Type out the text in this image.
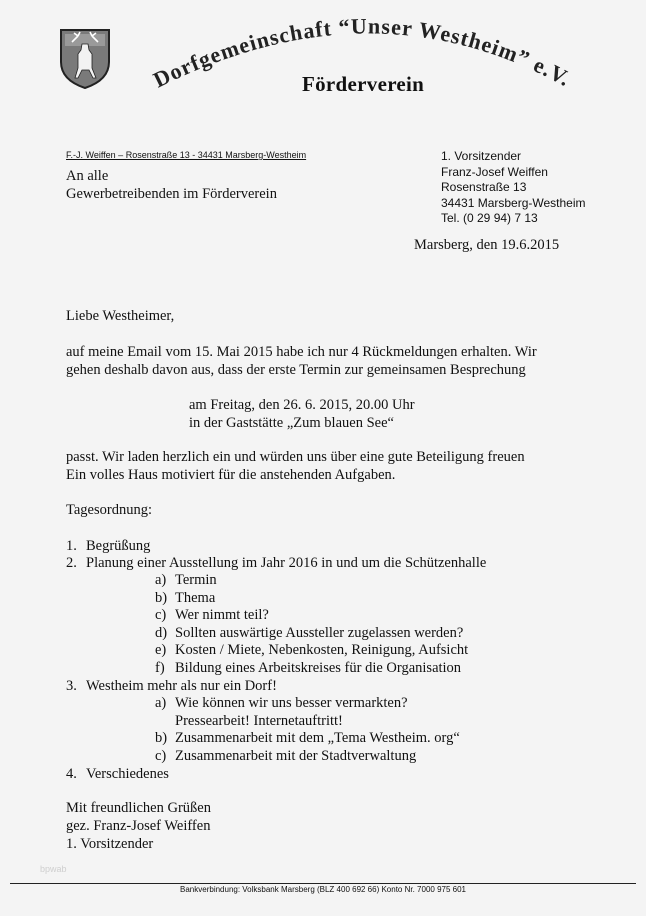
Dorfgemeinschaft “Unser Westheim” e.V.
Förderverein
F.-J. Weiffen – Rosenstraße 13 - 34431 Marsberg-Westheim
An alle
Gewerbetreibenden im Förderverein
1. Vorsitzender
Franz-Josef Weiffen
Rosenstraße 13
34431 Marsberg-Westheim
Tel. (0 29 94) 7 13
Marsberg, den 19.6.2015
Liebe Westheimer,
auf meine Email vom 15. Mai 2015 habe ich nur 4 Rückmeldungen erhalten. Wir
gehen deshalb davon aus, dass der erste Termin zur gemeinsamen Besprechung
am Freitag, den 26. 6. 2015, 20.00 Uhr
in der Gaststätte „Zum blauen See“
passt. Wir laden herzlich ein und würden uns über eine gute Beteiligung freuen
Ein volles Haus motiviert für die anstehenden Aufgaben.
Tagesordnung:
1. Begrüßung
2. Planung einer Ausstellung im Jahr 2016 in und um die Schützenhalle
a) Termin
b) Thema
c) Wer nimmt teil?
d) Sollten auswärtige Aussteller zugelassen werden?
e) Kosten / Miete, Nebenkosten, Reinigung, Aufsicht
f) Bildung eines Arbeitskreises für die Organisation
3. Westheim mehr als nur ein Dorf!
a) Wie können wir uns besser vermarkten?
Pressearbeit! Internetauftritt!
b) Zusammenarbeit mit dem „Tema Westheim. org“
c) Zusammenarbeit mit der Stadtverwaltung
4. Verschiedenes
Mit freundlichen Grüßen
gez. Franz-Josef Weiffen
1. Vorsitzender
bpwab
Bankverbindung: Volksbank Marsberg (BLZ 400 692 66) Konto Nr. 7000 975 601
